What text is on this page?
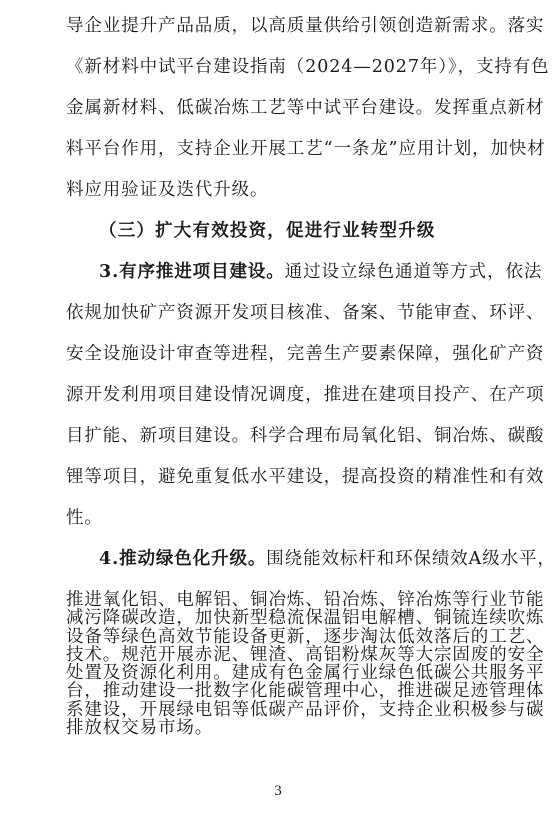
导企业提升产品品质，以高质量供给引领创造新需求。落实
《新材料中试平台建设指南（2024—2027年）》，支持有色
金属新材料、低碳冶炼工艺等中试平台建设。发挥重点新材
料平台作用，支持企业开展工艺“一条龙”应用计划，加快材
料应用验证及迭代升级。
（三）扩大有效投资，促进行业转型升级
3.有序推进项目建设。通过设立绿色通道等方式，依法
依规加快矿产资源开发项目核准、备案、节能审查、环评、
安全设施设计审查等进程，完善生产要素保障，强化矿产资
源开发利用项目建设情况调度，推进在建项目投产、在产项
目扩能、新项目建设。科学合理布局氧化铝、铜冶炼、碳酸
锂等项目，避免重复低水平建设，提高投资的精准性和有效
性。
4.推动绿色化升级。围绕能效标杆和环保绩效A级水平，
推进氧化铝、电解铝、铜冶炼、铅冶炼、锌冶炼等行业节能
减污降碳改造，加快新型稳流保温铝电解槽、铜锍连续吹炼
设备等绿色高效节能设备更新，逐步淘汰低效落后的工艺、
技术。规范开展赤泥、锂渣、高铝粉煤灰等大宗固废的安全
处置及资源化利用。建成有色金属行业绿色低碳公共服务平
台，推动建设一批数字化能碳管理中心，推进碳足迹管理体
系建设，开展绿电铝等低碳产品评价，支持企业积极参与碳
排放权交易市场。
3
